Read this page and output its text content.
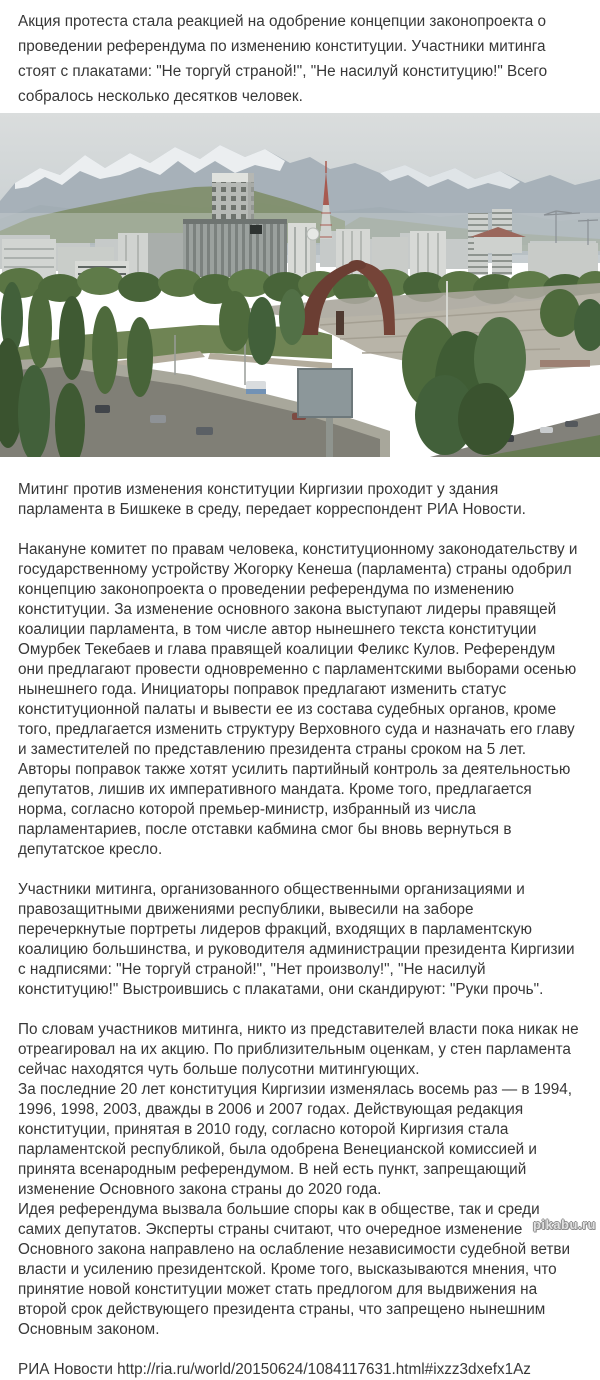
Акция протеста стала реакцией на одобрение концепции законопроекта о проведении референдума по изменению конституции. Участники митинга стоят с плакатами: "Не торгуй страной!", "Не насилуй конституцию!" Всего собралось несколько десятков человек.

Митинг против изменения конституции Киргизии проходит у здания парламента в Бишкеке в среду, передает корреспондент РИА Новости.

Накануне комитет по правам человека, конституционному законодательству и государственному устройству Жогорку Кенеша (парламента) страны одобрил концепцию законопроекта о проведении референдума по изменению конституции. За изменение основного закона выступают лидеры правящей коалиции парламента, в том числе автор нынешнего текста конституции Омурбек Текебаев и глава правящей коалиции Феликс Кулов. Референдум они предлагают провести одновременно с парламентскими выборами осенью нынешнего года. Инициаторы поправок предлагают изменить статус конституционной палаты и вывести ее из состава судебных органов, кроме того, предлагается изменить структуру Верховного суда и назначать его главу и заместителей по представлению президента страны сроком на 5 лет. Авторы поправок также хотят усилить партийный контроль за деятельностью депутатов, лишив их императивного мандата. Кроме того, предлагается норма, согласно которой премьер-министр, избранный из числа парламентариев, после отставки кабмина смог бы вновь вернуться в депутатское кресло.

Участники митинга, организованного общественными организациями и правозащитными движениями республики, вывесили на заборе перечеркнутые портреты лидеров фракций, входящих в парламентскую коалицию большинства, и руководителя администрации президента Киргизии с надписями: "Не торгуй страной!", "Нет произволу!", "Не насилуй конституцию!" Выстроившись с плакатами, они скандируют: "Руки прочь".

По словам участников митинга, никто из представителей власти пока никак не отреагировал на их акцию. По приблизительным оценкам, у стен парламента сейчас находятся чуть больше полусотни митингующих.

За последние 20 лет конституция Киргизии изменялась восемь раз — в 1994, 1996, 1998, 2003, дважды в 2006 и 2007 годах. Действующая редакция конституции, принятая в 2010 году, согласно которой Киргизия стала парламентской республикой, была одобрена Венецианской комиссией и принята всенародным референдумом. В ней есть пункт, запрещающий изменение Основного закона страны до 2020 года.

Идея референдума вызвала большие споры как в обществе, так и среди самих депутатов. Эксперты страны считают, что очередное изменение Основного закона направлено на ослабление независимости судебной ветви власти и усилению президентской. Кроме того, высказываются мнения, что принятие новой конституции может стать предлогом для выдвижения на второй срок действующего президента страны, что запрещено нынешним Основным законом.

РИА Новости http://ria.ru/world/20150624/1084117631.html#ixzz3dxefx1Az

pikabu.ru
